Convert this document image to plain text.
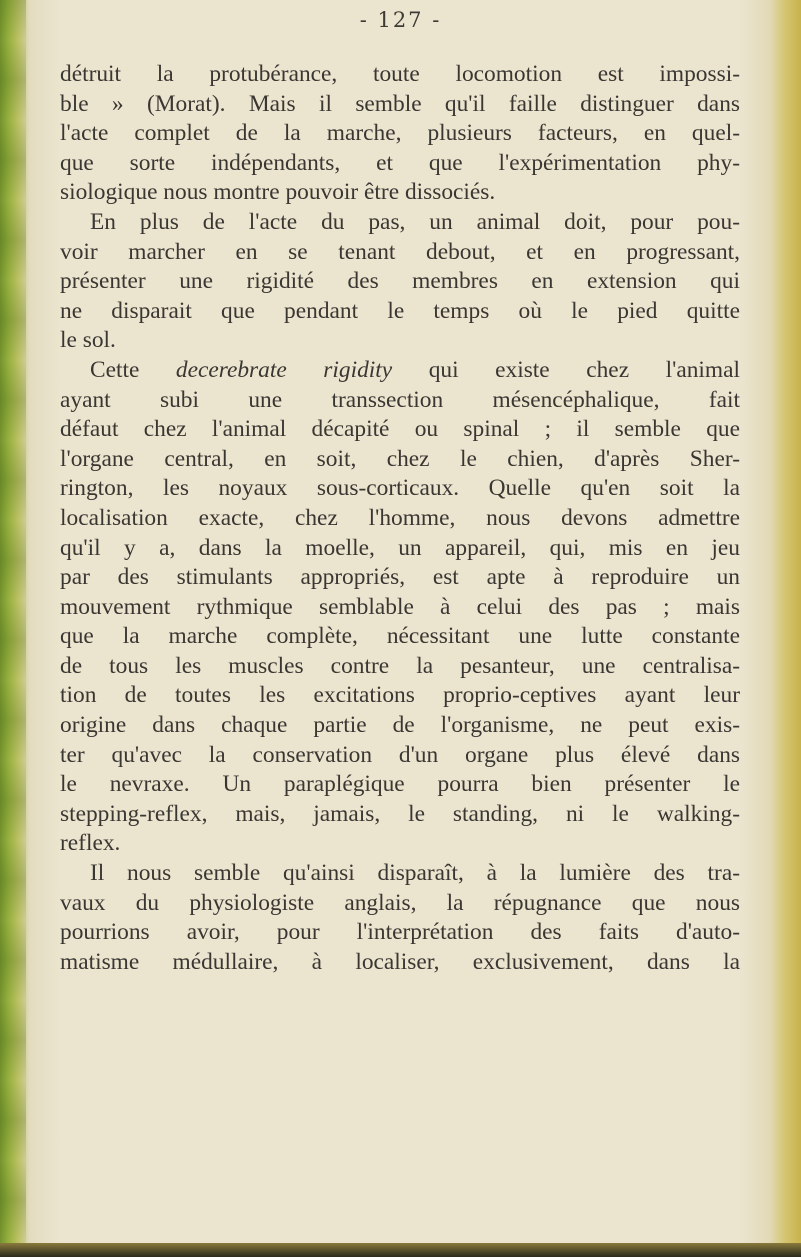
- 127 -
détruit la protubérance, toute locomotion est impossi-
ble » (Morat). Mais il semble qu'il faille distinguer dans
l'acte complet de la marche, plusieurs facteurs, en quel-
que sorte indépendants, et que l'expérimentation phy-
siologique nous montre pouvoir être dissociés.
En plus de l'acte du pas, un animal doit, pour pou-
voir marcher en se tenant debout, et en progressant,
présenter une rigidité des membres en extension qui
ne disparait que pendant le temps où le pied quitte
le sol.
Cette decerebrate rigidity qui existe chez l'animal
ayant subi une transsection mésencéphalique, fait
défaut chez l'animal décapité ou spinal ; il semble que
l'organe central, en soit, chez le chien, d'après Sher-
rington, les noyaux sous-corticaux. Quelle qu'en soit la
localisation exacte, chez l'homme, nous devons admettre
qu'il y a, dans la moelle, un appareil, qui, mis en jeu
par des stimulants appropriés, est apte à reproduire un
mouvement rythmique semblable à celui des pas ; mais
que la marche complète, nécessitant une lutte constante
de tous les muscles contre la pesanteur, une centralisa-
tion de toutes les excitations proprio-ceptives ayant leur
origine dans chaque partie de l'organisme, ne peut exis-
ter qu'avec la conservation d'un organe plus élevé dans
le nevraxe. Un paraplégique pourra bien présenter le
stepping-reflex, mais, jamais, le standing, ni le walking-
reflex.
Il nous semble qu'ainsi disparaît, à la lumière des tra-
vaux du physiologiste anglais, la répugnance que nous
pourrions avoir, pour l'interprétation des faits d'auto-
matisme médullaire, à localiser, exclusivement, dans la
